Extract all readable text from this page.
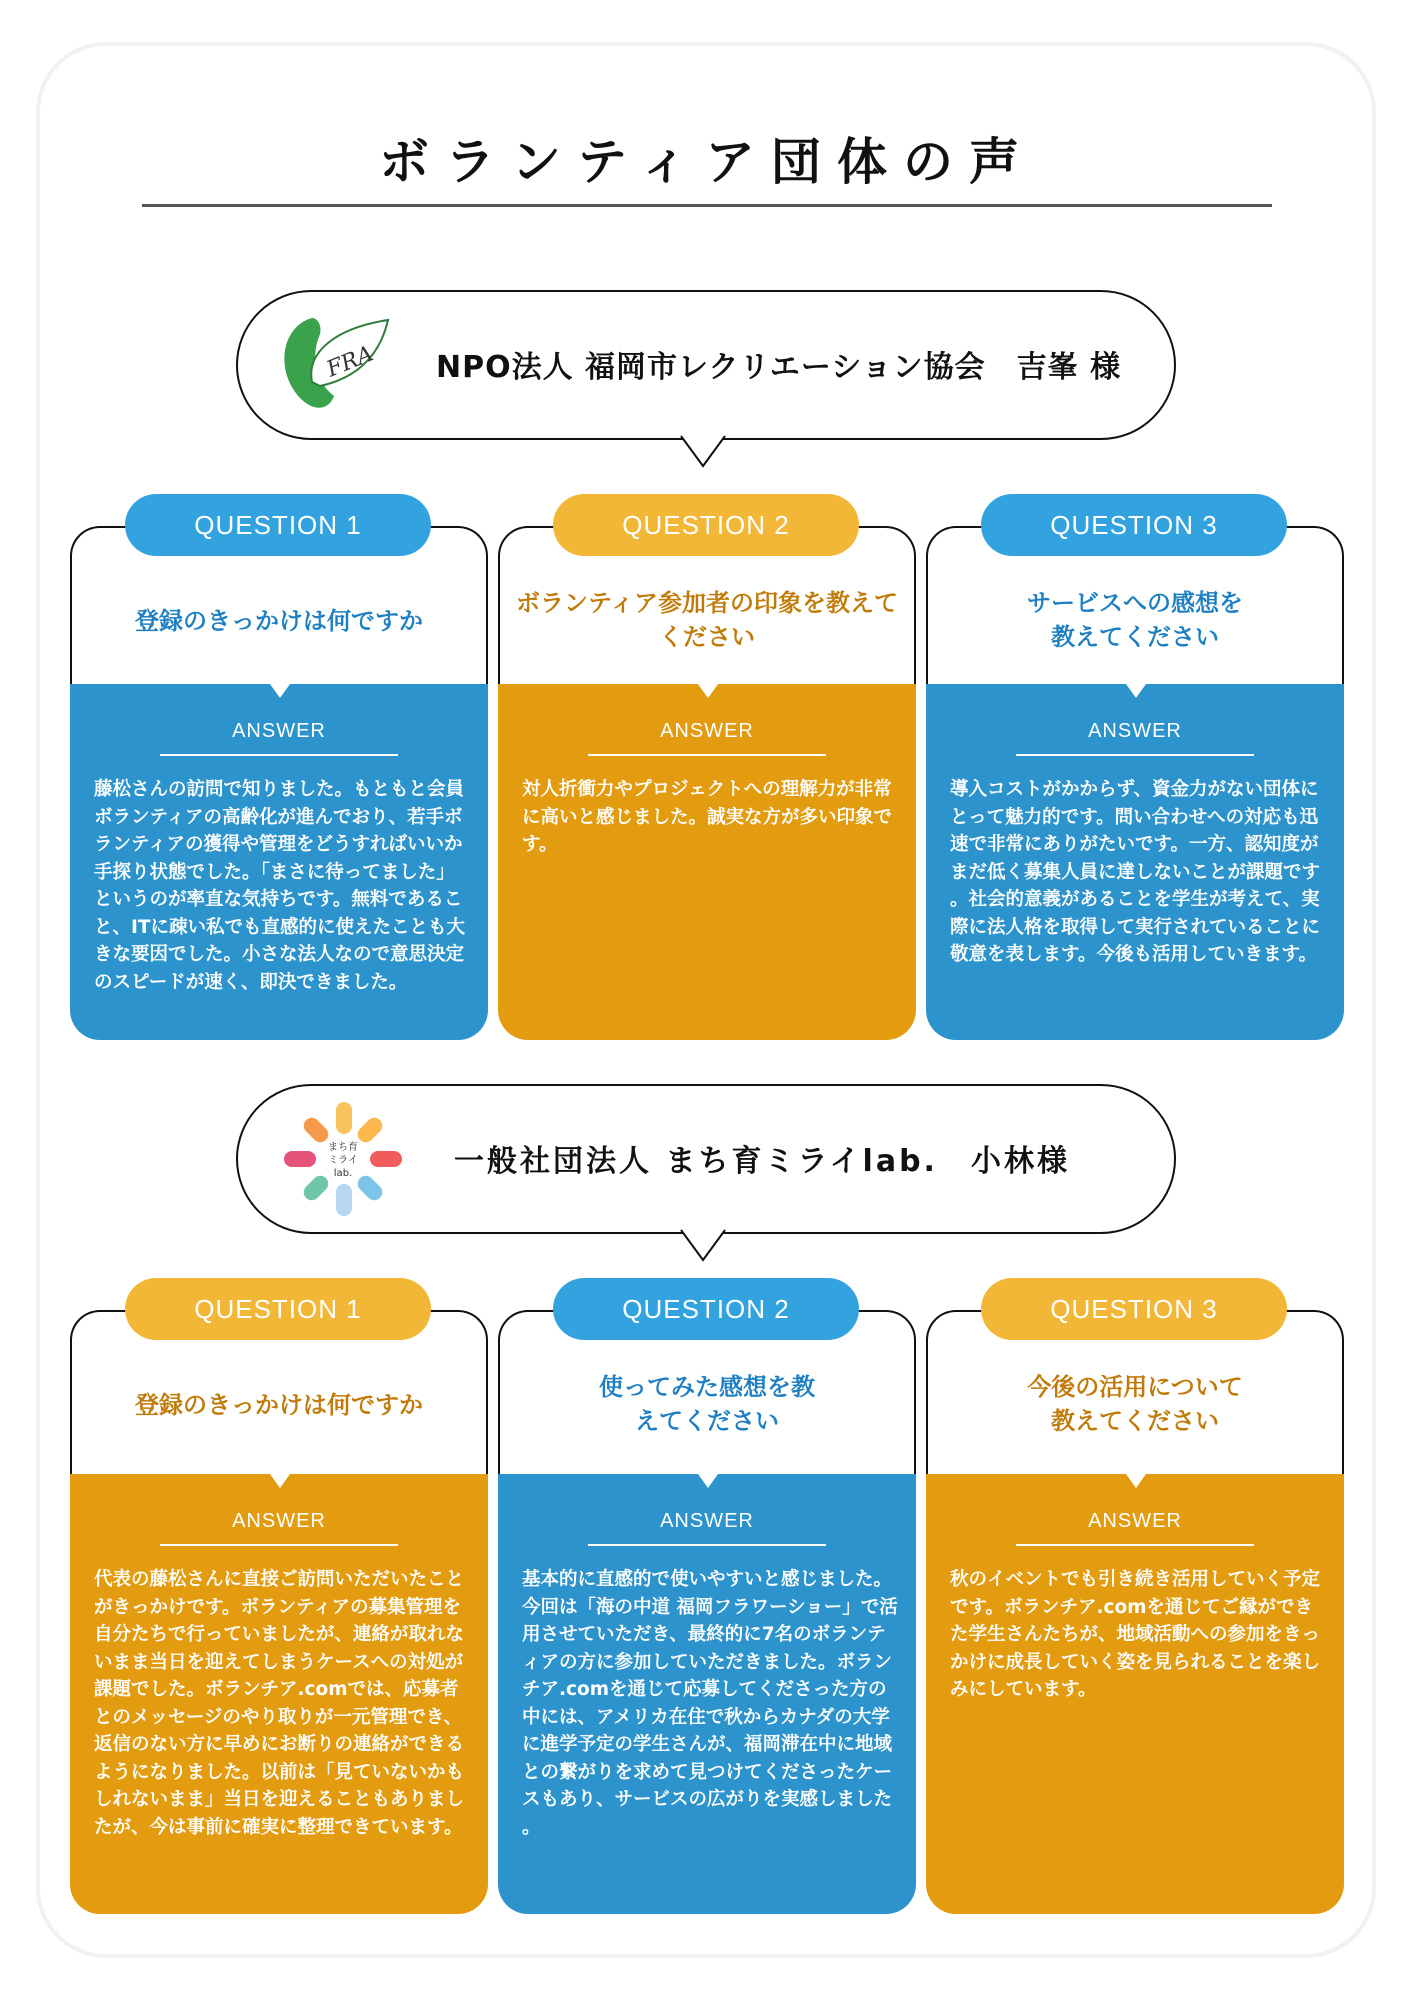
ボランティア団体の声
FRA NPO法人 福岡市レクリエーション協会　吉峯 様
QUESTION 1
登録のきっかけは何ですか
ANSWER
藤松さんの訪問で知りました。もともと会員ボランティアの高齢化が進んでおり、若手ボランティアの獲得や管理をどうすればいいか手探り状態でした。「まさに待ってました」というのが率直な気持ちです。無料であること、ITに疎い私でも直感的に使えたことも大きな要因でした。小さな法人なので意思決定のスピードが速く、即決できました。
QUESTION 2
ボランティア参加者の印象を教えてください
ANSWER
対人折衝力やプロジェクトへの理解力が非常に高いと感じました。誠実な方が多い印象です。
QUESTION 3
サービスへの感想を教えてください
ANSWER
導入コストがかからず、資金力がない団体にとって魅力的です。問い合わせへの対応も迅速で非常にありがたいです。一方、認知度がまだ低く募集人員に達しないことが課題です。社会的意義があることを学生が考えて、実際に法人格を取得して実行されていることに敬意を表します。今後も活用していきます。
まち育
ミライ
lab.	一般社団法人 まち育ミライlab.　小林様
QUESTION 1
登録のきっかけは何ですか
ANSWER
代表の藤松さんに直接ご訪問いただいたことがきっかけです。ボランティアの募集管理を自分たちで行っていましたが、連絡が取れないまま当日を迎えてしまうケースへの対処が課題でした。ボランチア.comでは、応募者とのメッセージのやり取りが一元管理でき、返信のない方に早めにお断りの連絡ができるようになりました。以前は「見ていないかもしれないまま」当日を迎えることもありましたが、今は事前に確実に整理できています。
QUESTION 2
使ってみた感想を教えてください
ANSWER
基本的に直感的で使いやすいと感じました。今回は「海の中道 福岡フラワーショー」で活用させていただき、最終的に7名のボランティアの方に参加していただきました。ボランチア.comを通じて応募してくださった方の中には、アメリカ在住で秋からカナダの大学に進学予定の学生さんが、福岡滞在中に地域との繋がりを求めて見つけてくださったケースもあり、サービスの広がりを実感しました。
QUESTION 3
今後の活用について教えてください
ANSWER
秋のイベントでも引き続き活用していく予定です。ボランチア.comを通じてご縁ができた学生さんたちが、地域活動への参加をきっかけに成長していく姿を見られることを楽しみにしています。
